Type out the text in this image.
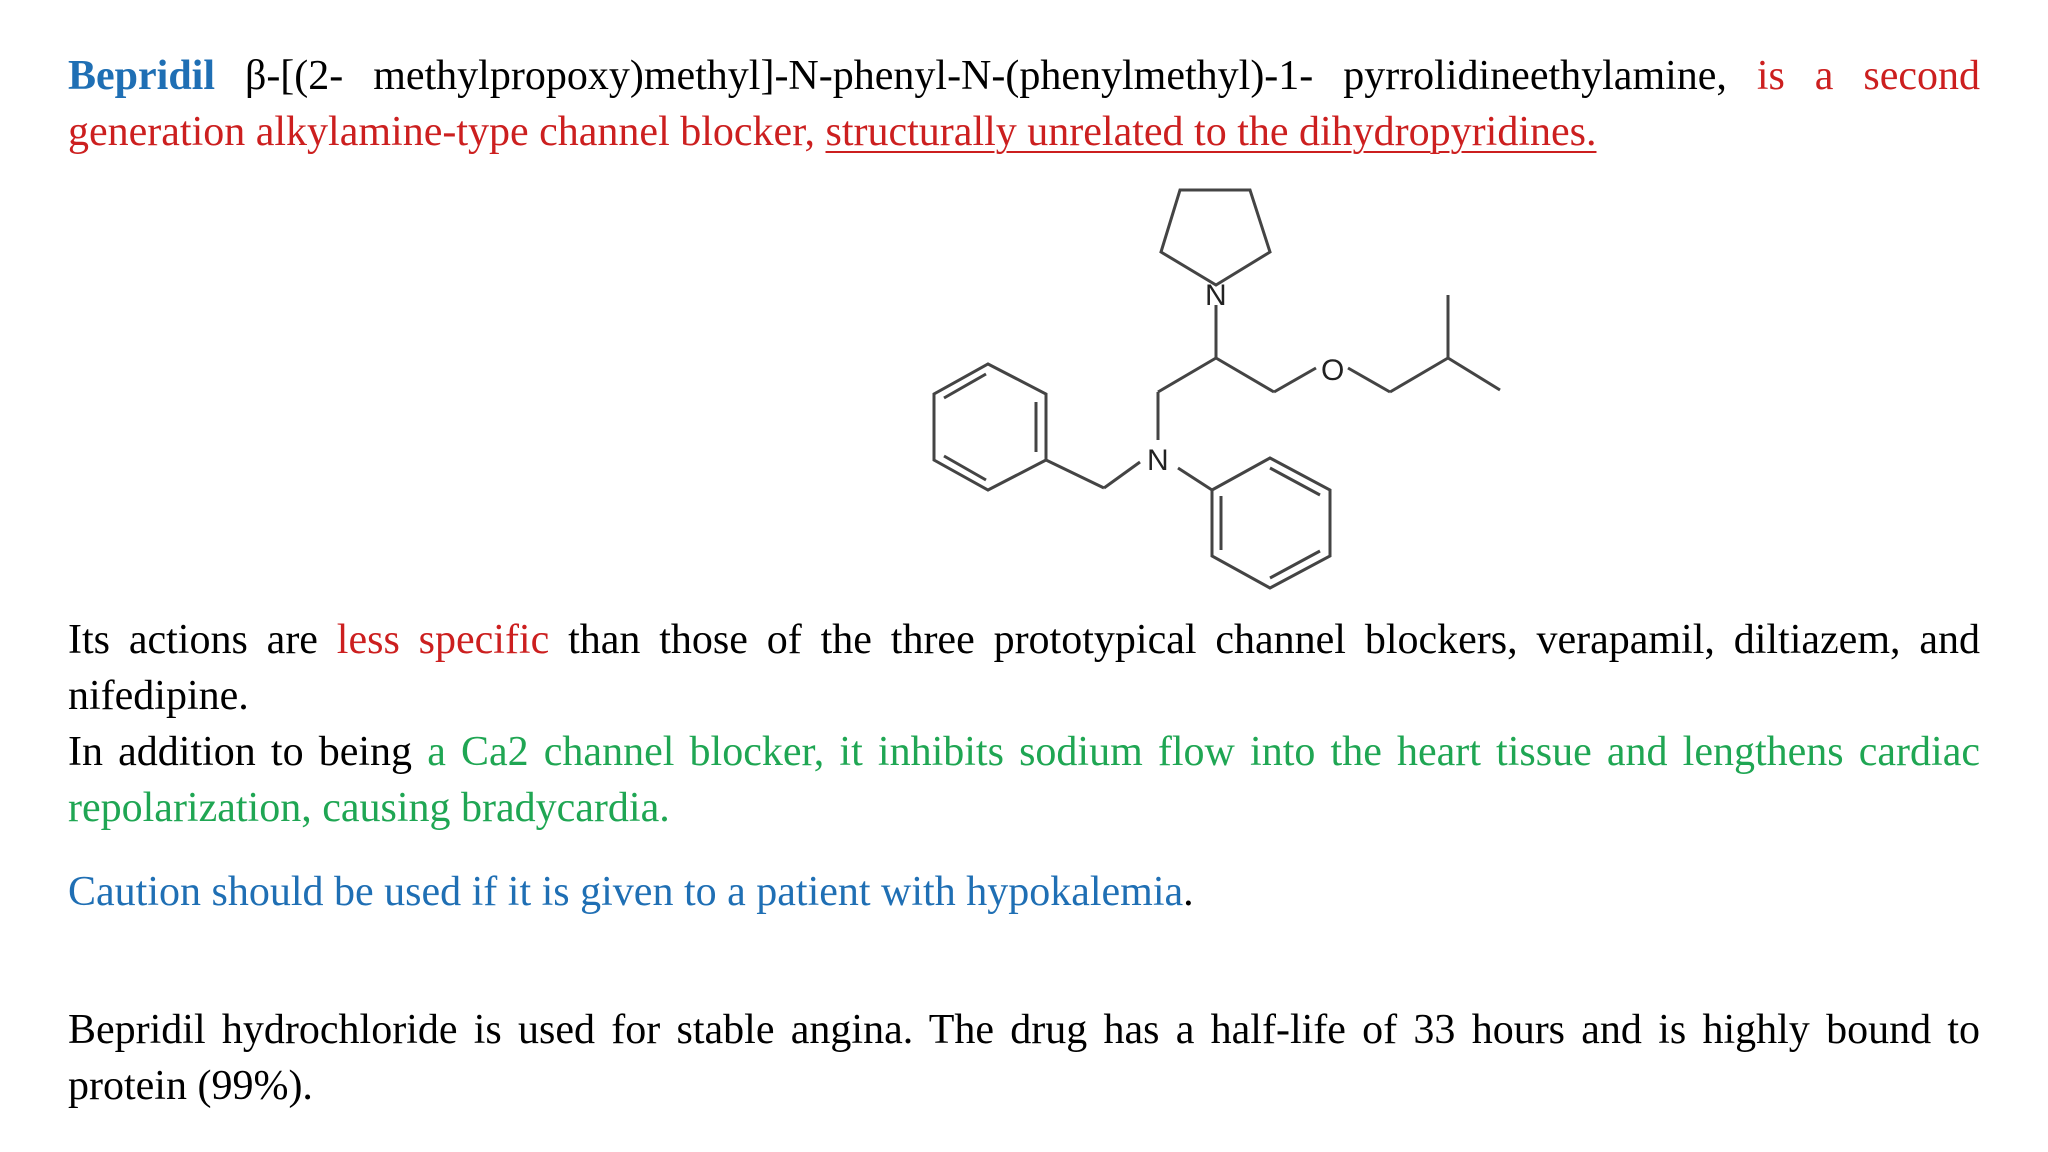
Bepridil β-[(2- methylpropoxy)methyl]-N-phenyl-N-(phenylmethyl)-1- pyrrolidineethylamine, is a second generation alkylamine-type channel blocker, structurally unrelated to the dihydropyridines.

N
N
O

Its actions are less specific than those of the three prototypical channel blockers, verapamil, diltiazem, and nifedipine.
In addition to being a Ca2 channel blocker, it inhibits sodium flow into the heart tissue and lengthens cardiac repolarization, causing bradycardia.

Caution should be used if it is given to a patient with hypokalemia.

Bepridil hydrochloride is used for stable angina. The drug has a half-life of 33 hours and is highly bound to protein (99%).
